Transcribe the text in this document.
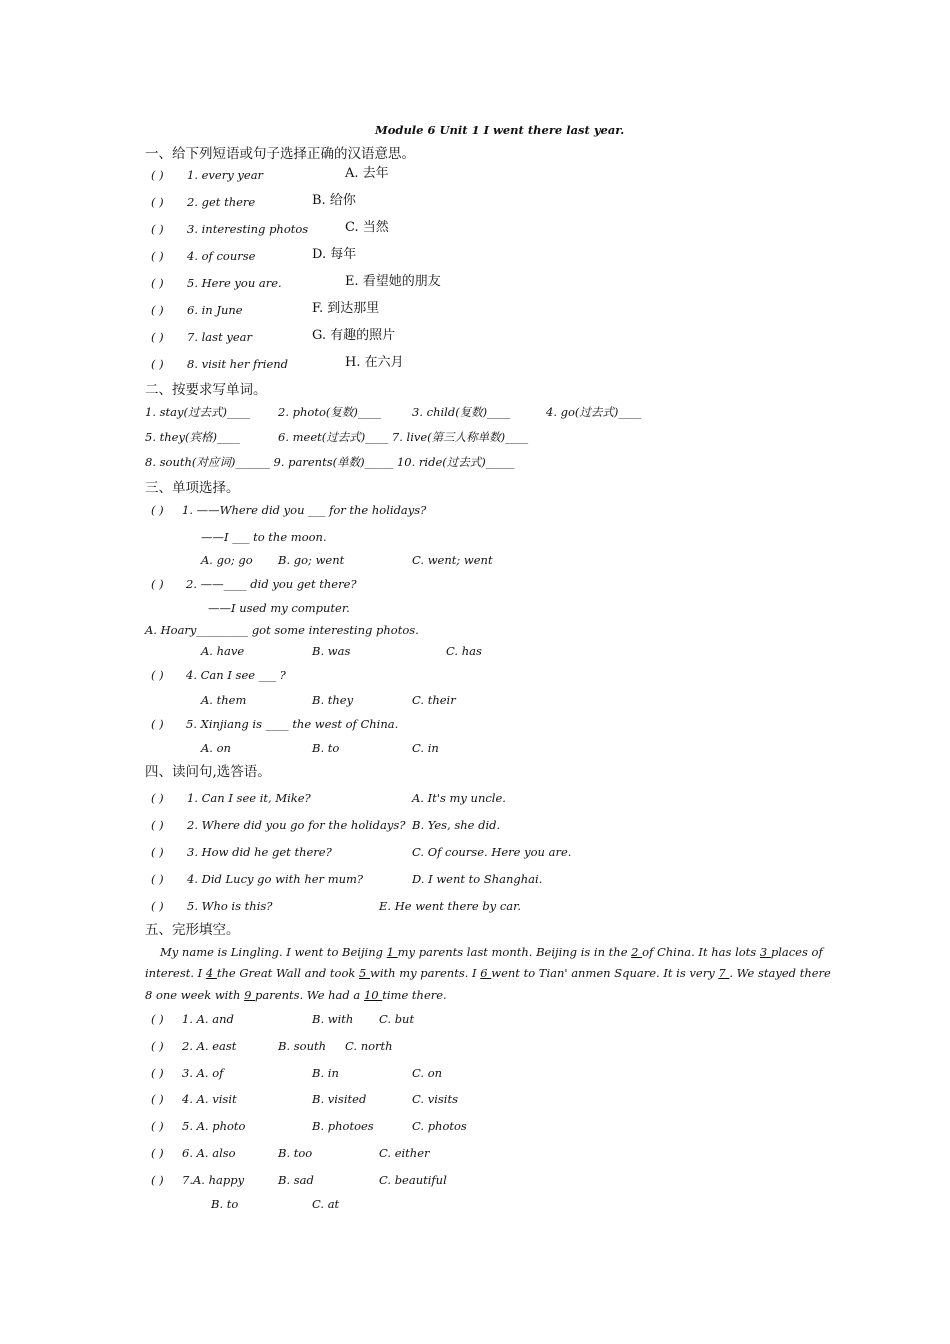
Module 6 Unit 1 I went there last year.
一、给下列短语或句子选择正确的汉语意思。
( ) 1. every year	A. 去年
( ) 2. get there	B. 给你
( ) 3. interesting photos	C. 当然
( ) 4. of course	D. 每年
( ) 5. Here you are.	E. 看望她的朋友
( ) 6. in June	F. 到达那里
( ) 7. last year	G. 有趣的照片
( ) 8. visit her friend	H. 在六月
二、按要求写单词。
1. stay(过去式)____ 2. photo(复数)____	3. child(复数)____	4. go(过去式)____
5. they(宾格)____	6. meet(过去式)____ 7. live(第三人称单数)____
8. south(对应词)______ 9. parents(单数)_____ 10. ride(过去式)_____
三、单项选择。
( ) 1. ——Where did you ___ for the holidays?
——I ___ to the moon.
A. go; go B. go; went	C. went; went
( ) 2. ——____ did you get there?
——I used my computer.
A. Hoary_________ got some interesting photos.
A. have	B. was	C. has
( ) 4. Can I see ___ ?
A. them	B. they	C. their
( ) 5. Xinjiang is ____ the west of China.
A. on	B. to	C. in
四、读问句,选答语。
( ) 1. Can I see it, Mike?	A. It's my uncle.
( ) 2. Where did you go for the holidays? B. Yes, she did.
( ) 3. How did he get there?	C. Of course. Here you are.
( ) 4. Did Lucy go with her mum?	D. I went to Shanghai.
( ) 5. Who is this?	E. He went there by car.
五、完形填空。
My name is Lingling. I went to Beijing 1 my parents last month. Beijing is in the 2 of China. It has lots 3 places of
interest. I 4 the Great Wall and took 5 with my parents. I 6 went to Tian' anmen Square. It is very 7 . We stayed there
8 one week with 9 parents. We had a 10 time there.
( ) 1. A. and	B. with C. but
( ) 2. A. east	B. south C. north
( ) 3. A. of	B. in	C. on
( ) 4. A. visit	B. visited	C. visits
( ) 5. A. photo	B. photoes	C. photos
( ) 6. A. also	B. too	C. either
( ) 7.A. happy	B. sad	C. beautiful
B. to	C. at
